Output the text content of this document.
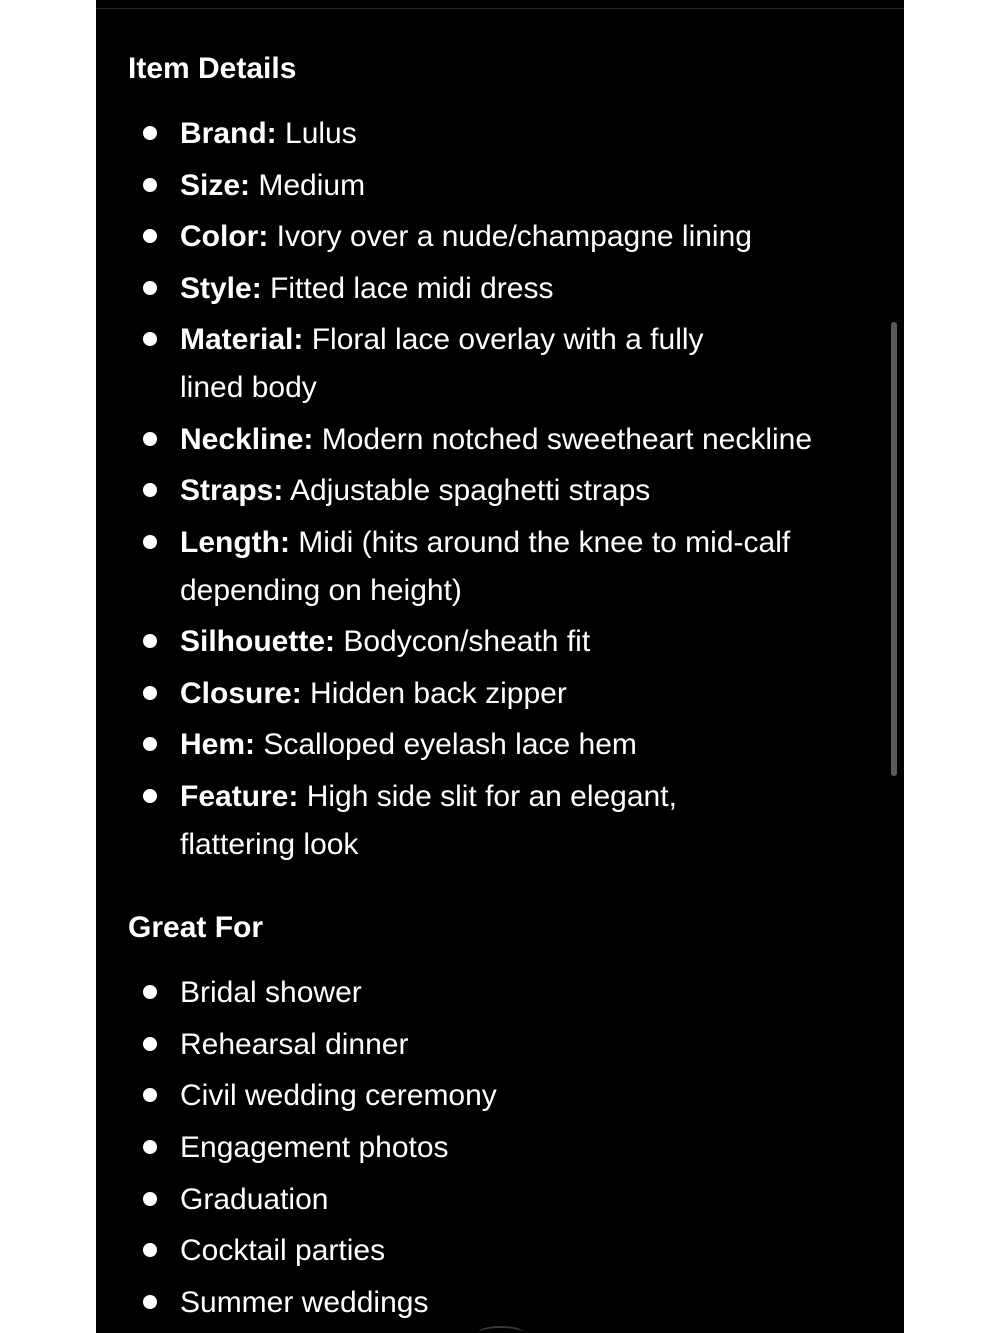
Item Details
Brand: Lulus
Size: Medium
Color: Ivory over a nude/champagne lining
Style: Fitted lace midi dress
Material: Floral lace overlay with a fully lined body
Neckline: Modern notched sweetheart neckline
Straps: Adjustable spaghetti straps
Length: Midi (hits around the knee to mid-calf depending on height)
Silhouette: Bodycon/sheath fit
Closure: Hidden back zipper
Hem: Scalloped eyelash lace hem
Feature: High side slit for an elegant, flattering look
Great For
Bridal shower
Rehearsal dinner
Civil wedding ceremony
Engagement photos
Graduation
Cocktail parties
Summer weddings
